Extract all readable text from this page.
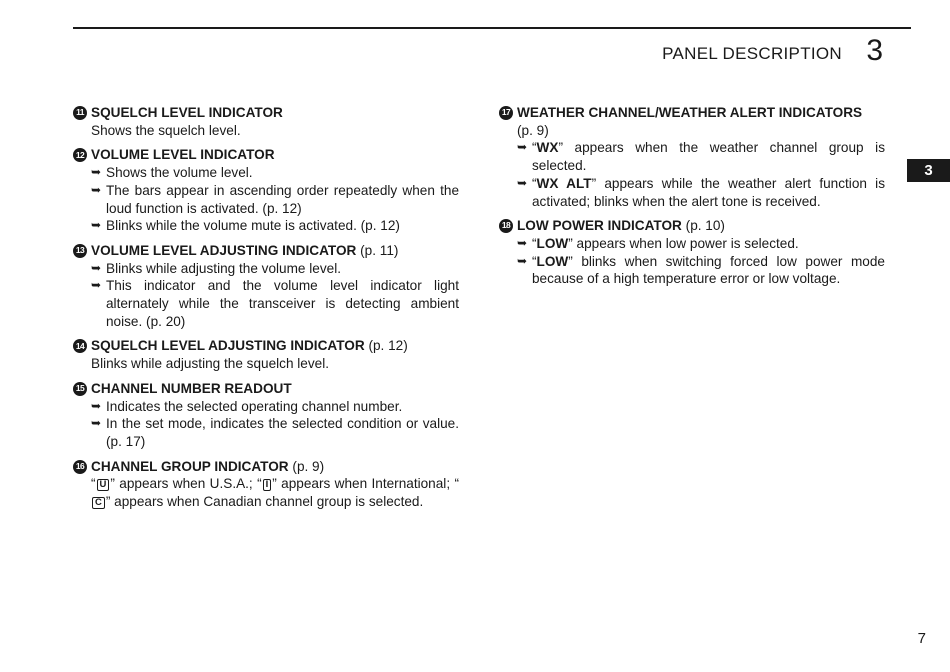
PANEL DESCRIPTION 3
3
11 SQUELCH LEVEL INDICATOR
Shows the squelch level.
12 VOLUME LEVEL INDICATOR
➥ Shows the volume level.
➥ The bars appear in ascending order repeatedly when the loud function is activated. (p. 12)
➥ Blinks while the volume mute is activated. (p. 12)
13 VOLUME LEVEL ADJUSTING INDICATOR (p. 11)
➥ Blinks while adjusting the volume level.
➥ This indicator and the volume level indicator light alternately while the transceiver is detecting ambient noise. (p. 20)
14 SQUELCH LEVEL ADJUSTING INDICATOR (p. 12)
Blinks while adjusting the squelch level.
15 CHANNEL NUMBER READOUT
➥ Indicates the selected operating channel number.
➥ In the set mode, indicates the selected condition or value. (p. 17)
16 CHANNEL GROUP INDICATOR (p. 9)
“ U ” appears when U.S.A.; “ I ” appears when International; “C ” appears when Canadian channel group is selected.
17 WEATHER CHANNEL/WEATHER ALERT INDICATORS
(p. 9)
➥ “WX” appears when the weather channel group is selected.
➥ “WX ALT” appears while the weather alert function is activated; blinks when the alert tone is received.
18 LOW POWER INDICATOR (p. 10)
➥ “LOW” appears when low power is selected.
➥ “LOW” blinks when switching forced low power mode because of a high temperature error or low voltage.
7
